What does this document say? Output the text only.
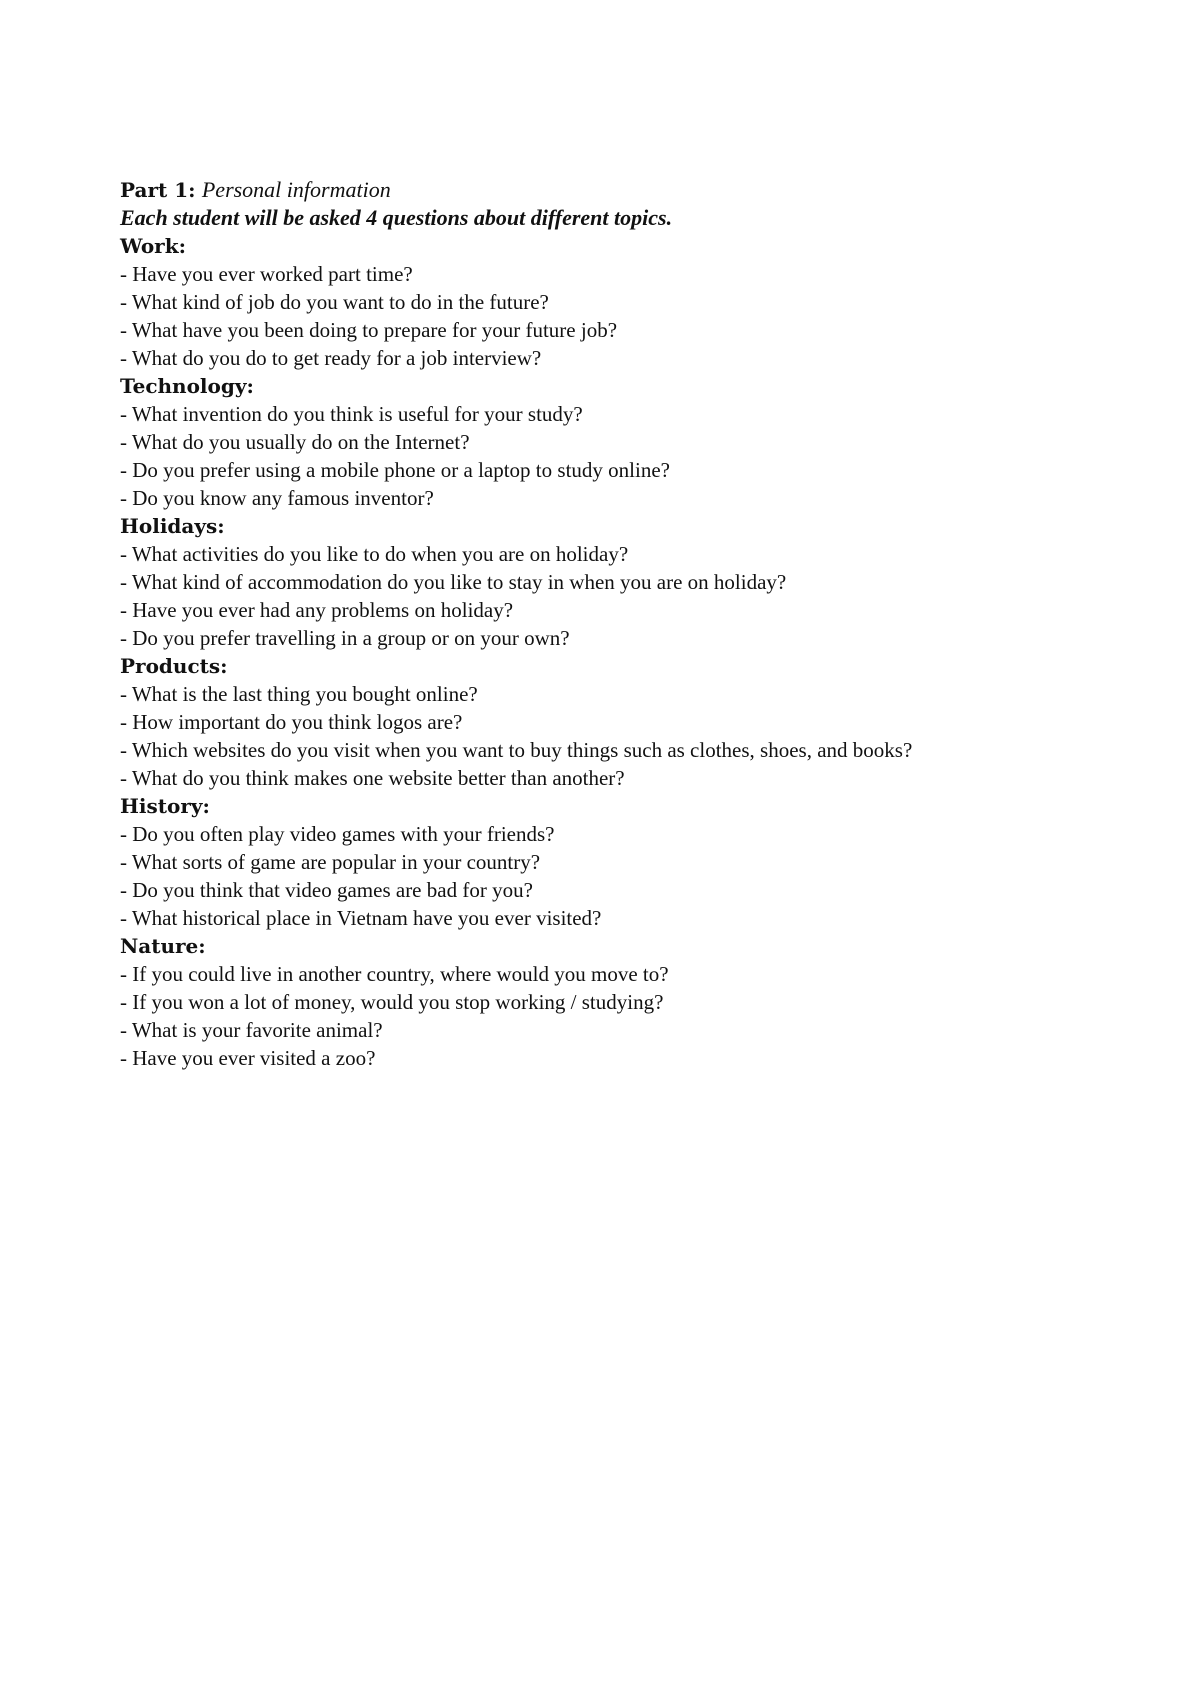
Part 1: Personal information

Each student will be asked 4 questions about different topics.

Work:

- Have you ever worked part time?

- What kind of job do you want to do in the future?

- What have you been doing to prepare for your future job?

- What do you do to get ready for a job interview?

Technology:

- What invention do you think is useful for your study?

- What do you usually do on the Internet?

- Do you prefer using a mobile phone or a laptop to study online?

- Do you know any famous inventor?

Holidays:

- What activities do you like to do when you are on holiday?

- What kind of accommodation do you like to stay in when you are on holiday?

- Have you ever had any problems on holiday?

- Do you prefer travelling in a group or on your own?

Products:

- What is the last thing you bought online?

- How important do you think logos are?

- Which websites do you visit when you want to buy things such as clothes, shoes, and books?

- What do you think makes one website better than another?

History:

- Do you often play video games with your friends?

- What sorts of game are popular in your country?

- Do you think that video games are bad for you?

- What historical place in Vietnam have you ever visited?

Nature:

- If you could live in another country, where would you move to?

- If you won a lot of money, would you stop working / studying?

- What is your favorite animal?

- Have you ever visited a zoo?
